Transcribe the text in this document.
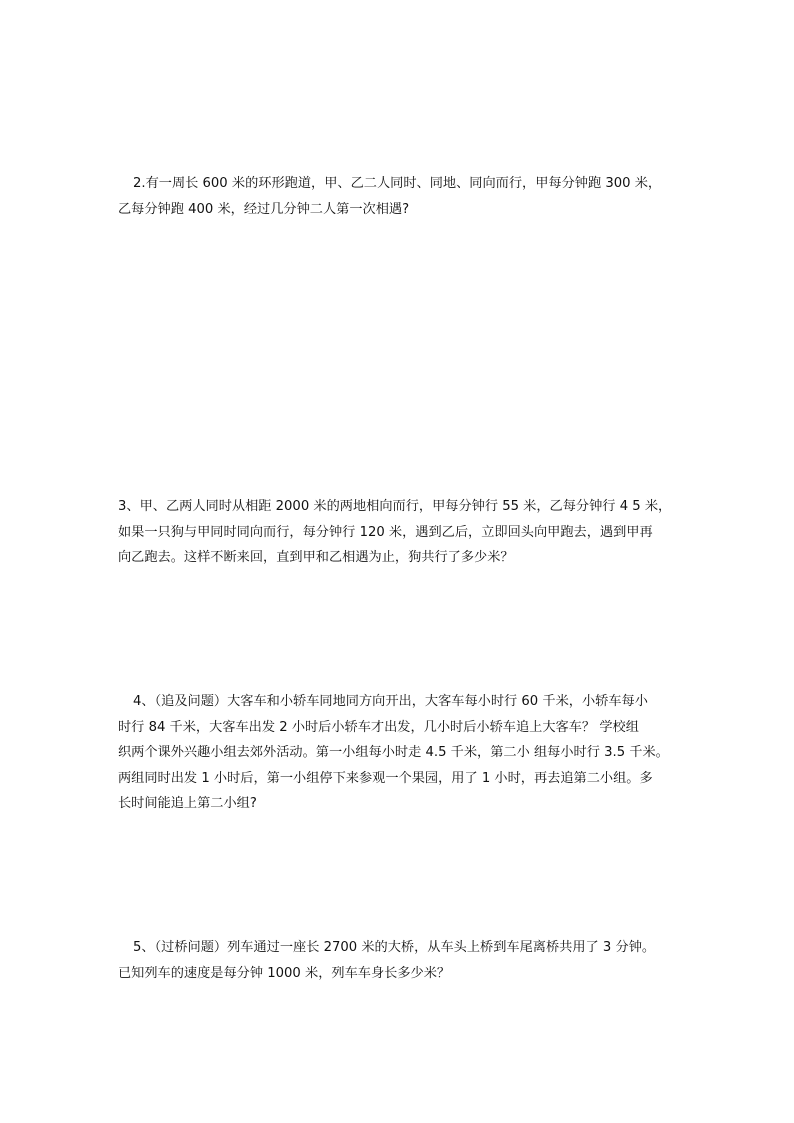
2.有一周长 600 米的环形跑道，甲、乙二人同时、同地、同向而行，甲每分钟跑 300 米，
乙每分钟跑 400 米，经过几分钟二人第一次相遇?
3、甲、乙两人同时从相距 2000 米的两地相向而行，甲每分钟行 55 米，乙每分钟行 4 5 米，
如果一只狗与甲同时同向而行，每分钟行 120 米，遇到乙后，立即回头向甲跑去，遇到甲再
向乙跑去。这样不断来回，直到甲和乙相遇为止，狗共行了多少米？
4、（追及问题）大客车和小轿车同地同方向开出，大客车每小时行 60 千米，小轿车每小
时行 84 千米，大客车出发 2 小时后小轿车才出发，几小时后小轿车追上大客车？ 学校组
织两个课外兴趣小组去郊外活动。第一小组每小时走 4.5 千米，第二小 组每小时行 3.5 千米。
两组同时出发 1 小时后，第一小组停下来参观一个果园，用了 1 小时，再去追第二小组。多
长时间能追上第二小组?
5、（过桥问题）列车通过一座长 2700 米的大桥，从车头上桥到车尾离桥共用了 3 分钟。
已知列车的速度是每分钟 1000 米，列车车身长多少米？
